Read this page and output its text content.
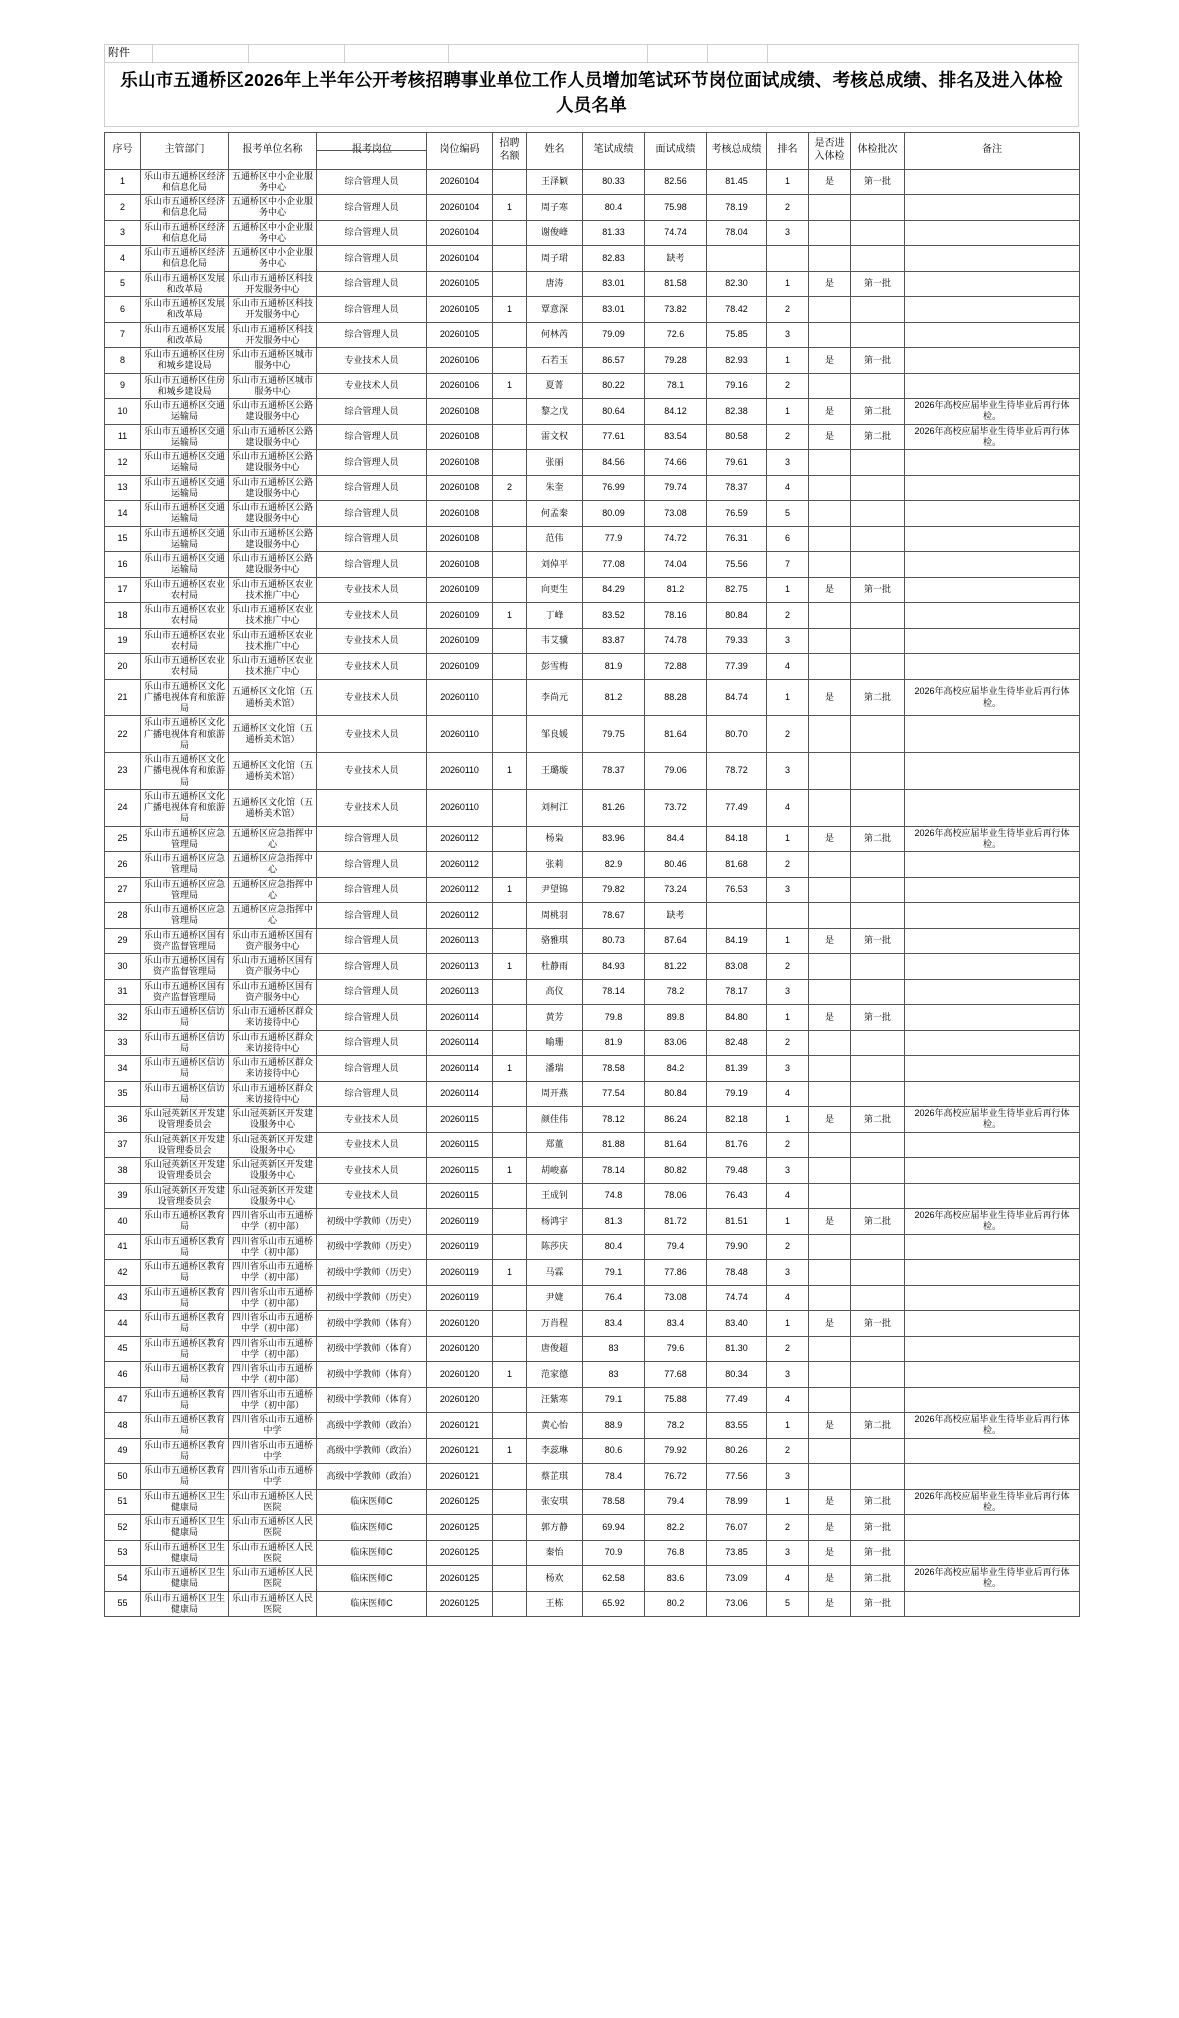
附件
乐山市五通桥区2026年上半年公开考核招聘事业单位工作人员增加笔试环节岗位面试成绩、考核总成绩、排名及进入体检人员名单
序号	主管部门	报考单位名称	报考岗位	岗位编码	招聘名额	姓名	笔试成绩	面试成绩	考核总成绩	排名	是否进入体检	体检批次	备注
1	乐山市五通桥区经济和信息化局	五通桥区中小企业服务中心	综合管理人员	20260104		王泽颖	80.33	82.56	81.45	1	是	第一批	
2	乐山市五通桥区经济和信息化局	五通桥区中小企业服务中心	综合管理人员	20260104	1	周子寒	80.4	75.98	78.19	2			
3	乐山市五通桥区经济和信息化局	五通桥区中小企业服务中心	综合管理人员	20260104		谢俊峰	81.33	74.74	78.04	3			
4	乐山市五通桥区经济和信息化局	五通桥区中小企业服务中心	综合管理人员	20260104		周子珺	82.83	缺考					
5	乐山市五通桥区发展和改革局	乐山市五通桥区科技开发服务中心	综合管理人员	20260105		唐涛	83.01	81.58	82.30	1	是	第一批	
6	乐山市五通桥区发展和改革局	乐山市五通桥区科技开发服务中心	综合管理人员	20260105	1	覃意深	83.01	73.82	78.42	2			
7	乐山市五通桥区发展和改革局	乐山市五通桥区科技开发服务中心	综合管理人员	20260105		何林芮	79.09	72.6	75.85	3			
8	乐山市五通桥区住房和城乡建设局	乐山市五通桥区城市服务中心	专业技术人员	20260106		石若玉	86.57	79.28	82.93	1	是	第一批	
9	乐山市五通桥区住房和城乡建设局	乐山市五通桥区城市服务中心	专业技术人员	20260106	1	夏菁	80.22	78.1	79.16	2			
10	乐山市五通桥区交通运输局	乐山市五通桥区公路建设服务中心	综合管理人员	20260108		黎之戊	80.64	84.12	82.38	1	是	第二批	2026年高校应届毕业生待毕业后再行体检。
11	乐山市五通桥区交通运输局	乐山市五通桥区公路建设服务中心	综合管理人员	20260108		雷文权	77.61	83.54	80.58	2	是	第二批	2026年高校应届毕业生待毕业后再行体检。
12	乐山市五通桥区交通运输局	乐山市五通桥区公路建设服务中心	综合管理人员	20260108		张丽	84.56	74.66	79.61	3			
13	乐山市五通桥区交通运输局	乐山市五通桥区公路建设服务中心	综合管理人员	20260108	2	朱奎	76.99	79.74	78.37	4			
14	乐山市五通桥区交通运输局	乐山市五通桥区公路建设服务中心	综合管理人员	20260108		何孟秦	80.09	73.08	76.59	5			
15	乐山市五通桥区交通运输局	乐山市五通桥区公路建设服务中心	综合管理人员	20260108		范伟	77.9	74.72	76.31	6			
16	乐山市五通桥区交通运输局	乐山市五通桥区公路建设服务中心	综合管理人员	20260108		刘倬平	77.08	74.04	75.56	7			
17	乐山市五通桥区农业农村局	乐山市五通桥区农业技术推广中心	专业技术人员	20260109		向更生	84.29	81.2	82.75	1	是	第一批	
18	乐山市五通桥区农业农村局	乐山市五通桥区农业技术推广中心	专业技术人员	20260109	1	丁峰	83.52	78.16	80.84	2			
19	乐山市五通桥区农业农村局	乐山市五通桥区农业技术推广中心	专业技术人员	20260109		韦艾骥	83.87	74.78	79.33	3			
20	乐山市五通桥区农业农村局	乐山市五通桥区农业技术推广中心	专业技术人员	20260109		彭雪梅	81.9	72.88	77.39	4			
21	乐山市五通桥区文化广播电视体育和旅游局	五通桥区文化馆（五通桥美术馆）	专业技术人员	20260110		李尚元	81.2	88.28	84.74	1	是	第二批	2026年高校应届毕业生待毕业后再行体检。
22	乐山市五通桥区文化广播电视体育和旅游局	五通桥区文化馆（五通桥美术馆）	专业技术人员	20260110		邹良媛	79.75	81.64	80.70	2			
23	乐山市五通桥区文化广播电视体育和旅游局	五通桥区文化馆（五通桥美术馆）	专业技术人员	20260110	1	王璐璇	78.37	79.06	78.72	3			
24	乐山市五通桥区文化广播电视体育和旅游局	五通桥区文化馆（五通桥美术馆）	专业技术人员	20260110		刘柯江	81.26	73.72	77.49	4			
25	乐山市五通桥区应急管理局	五通桥区应急指挥中心	综合管理人员	20260112		杨枭	83.96	84.4	84.18	1	是	第二批	2026年高校应届毕业生待毕业后再行体检。
26	乐山市五通桥区应急管理局	五通桥区应急指挥中心	综合管理人员	20260112		张莉	82.9	80.46	81.68	2			
27	乐山市五通桥区应急管理局	五通桥区应急指挥中心	综合管理人员	20260112	1	尹望锦	79.82	73.24	76.53	3			
28	乐山市五通桥区应急管理局	五通桥区应急指挥中心	综合管理人员	20260112		周桃羽	78.67	缺考					
29	乐山市五通桥区国有资产监督管理局	乐山市五通桥区国有资产服务中心	综合管理人员	20260113		骆雅琪	80.73	87.64	84.19	1	是	第一批	
30	乐山市五通桥区国有资产监督管理局	乐山市五通桥区国有资产服务中心	综合管理人员	20260113	1	杜静雨	84.93	81.22	83.08	2			
31	乐山市五通桥区国有资产监督管理局	乐山市五通桥区国有资产服务中心	综合管理人员	20260113		高仪	78.14	78.2	78.17	3			
32	乐山市五通桥区信访局	乐山市五通桥区群众来访接待中心	综合管理人员	20260114		黄芳	79.8	89.8	84.80	1	是	第一批	
33	乐山市五通桥区信访局	乐山市五通桥区群众来访接待中心	综合管理人员	20260114		喻珊	81.9	83.06	82.48	2			
34	乐山市五通桥区信访局	乐山市五通桥区群众来访接待中心	综合管理人员	20260114	1	潘瑞	78.58	84.2	81.39	3			
35	乐山市五通桥区信访局	乐山市五通桥区群众来访接待中心	综合管理人员	20260114		周开燕	77.54	80.84	79.19	4			
36	乐山冠英新区开发建设管理委员会	乐山冠英新区开发建设服务中心	专业技术人员	20260115		颜佳伟	78.12	86.24	82.18	1	是	第二批	2026年高校应届毕业生待毕业后再行体检。
37	乐山冠英新区开发建设管理委员会	乐山冠英新区开发建设服务中心	专业技术人员	20260115		郑董	81.88	81.64	81.76	2			
38	乐山冠英新区开发建设管理委员会	乐山冠英新区开发建设服务中心	专业技术人员	20260115	1	胡峻嘉	78.14	80.82	79.48	3			
39	乐山冠英新区开发建设管理委员会	乐山冠英新区开发建设服务中心	专业技术人员	20260115		王成钊	74.8	78.06	76.43	4			
40	乐山市五通桥区教育局	四川省乐山市五通桥中学（初中部）	初级中学教师（历史）	20260119		杨鸿宇	81.3	81.72	81.51	1	是	第二批	2026年高校应届毕业生待毕业后再行体检。
41	乐山市五通桥区教育局	四川省乐山市五通桥中学（初中部）	初级中学教师（历史）	20260119		陈莎庆	80.4	79.4	79.90	2			
42	乐山市五通桥区教育局	四川省乐山市五通桥中学（初中部）	初级中学教师（历史）	20260119	1	马霖	79.1	77.86	78.48	3			
43	乐山市五通桥区教育局	四川省乐山市五通桥中学（初中部）	初级中学教师（历史）	20260119		尹婕	76.4	73.08	74.74	4			
44	乐山市五通桥区教育局	四川省乐山市五通桥中学（初中部）	初级中学教师（体育）	20260120		万肖程	83.4	83.4	83.40	1	是	第一批	
45	乐山市五通桥区教育局	四川省乐山市五通桥中学（初中部）	初级中学教师（体育）	20260120		唐俊超	83	79.6	81.30	2			
46	乐山市五通桥区教育局	四川省乐山市五通桥中学（初中部）	初级中学教师（体育）	20260120	1	范家德	83	77.68	80.34	3			
47	乐山市五通桥区教育局	四川省乐山市五通桥中学（初中部）	初级中学教师（体育）	20260120		汪紫寒	79.1	75.88	77.49	4			
48	乐山市五通桥区教育局	四川省乐山市五通桥中学	高级中学教师（政治）	20260121		黄心怡	88.9	78.2	83.55	1	是	第二批	2026年高校应届毕业生待毕业后再行体检。
49	乐山市五通桥区教育局	四川省乐山市五通桥中学	高级中学教师（政治）	20260121	1	李蕊琳	80.6	79.92	80.26	2			
50	乐山市五通桥区教育局	四川省乐山市五通桥中学	高级中学教师（政治）	20260121		蔡芷琪	78.4	76.72	77.56	3			
51	乐山市五通桥区卫生健康局	乐山市五通桥区人民医院	临床医师C	20260125		张安琪	78.58	79.4	78.99	1	是	第二批	2026年高校应届毕业生待毕业后再行体检。
52	乐山市五通桥区卫生健康局	乐山市五通桥区人民医院	临床医师C	20260125		郭方静	69.94	82.2	76.07	2	是	第一批	
53	乐山市五通桥区卫生健康局	乐山市五通桥区人民医院	临床医师C	20260125		秦怡	70.9	76.8	73.85	3	是	第一批	
54	乐山市五通桥区卫生健康局	乐山市五通桥区人民医院	临床医师C	20260125		杨欢	62.58	83.6	73.09	4	是	第二批	2026年高校应届毕业生待毕业后再行体检。
55	乐山市五通桥区卫生健康局	乐山市五通桥区人民医院	临床医师C	20260125		王栋	65.92	80.2	73.06	5	是	第一批	
